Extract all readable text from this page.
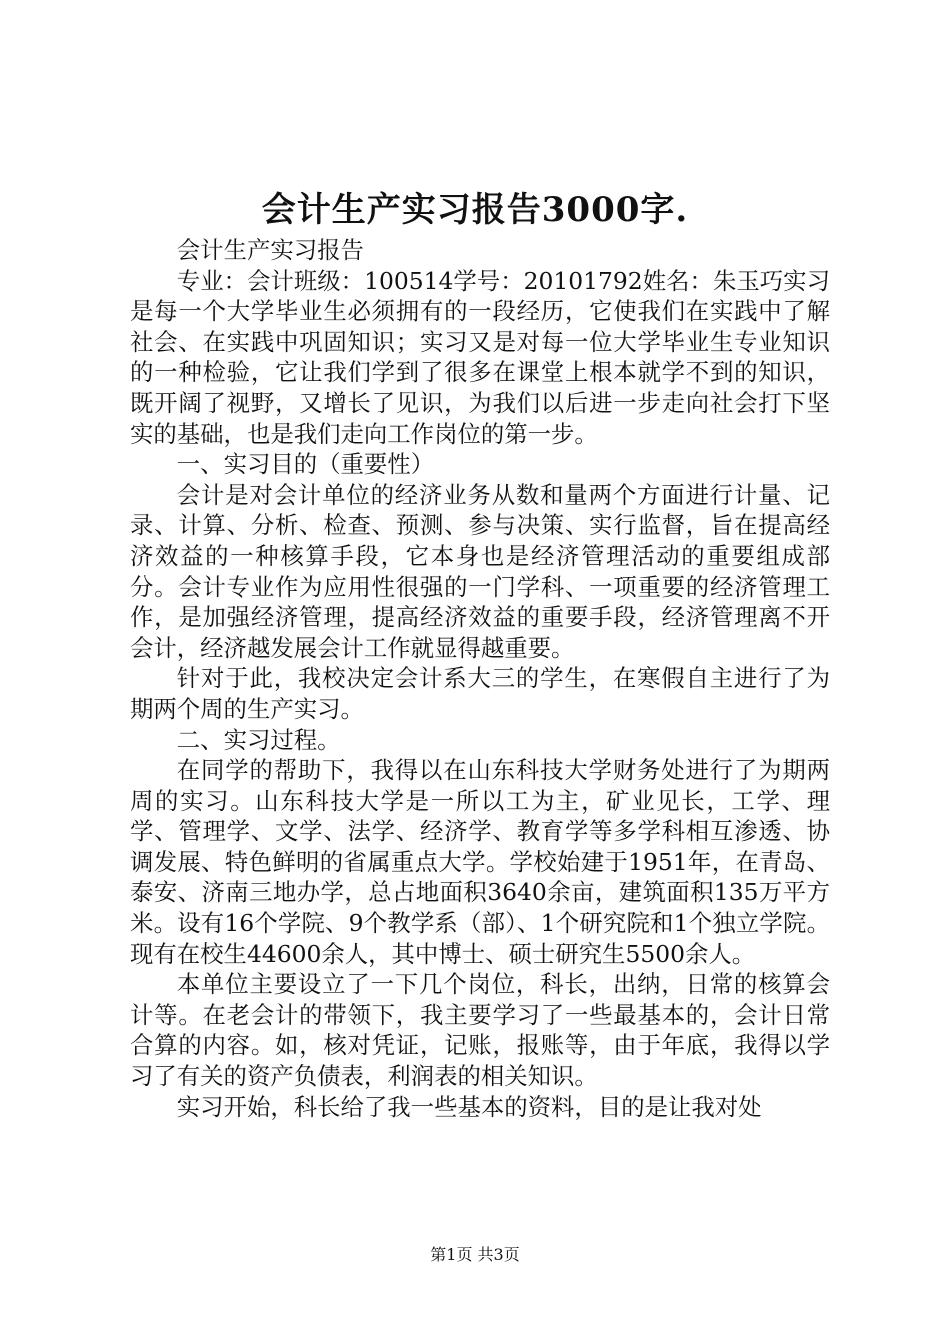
会计生产实习报告3000字.

会计生产实习报告

专业：会计班级：100514学号：20101792姓名：朱玉巧实习是每一个大学毕业生必须拥有的一段经历，它使我们在实践中了解社会、在实践中巩固知识；实习又是对每一位大学毕业生专业知识的一种检验，它让我们学到了很多在课堂上根本就学不到的知识，既开阔了视野，又增长了见识，为我们以后进一步走向社会打下坚实的基础，也是我们走向工作岗位的第一步。

一、实习目的（重要性）

会计是对会计单位的经济业务从数和量两个方面进行计量、记录、计算、分析、检查、预测、参与决策、实行监督，旨在提高经济效益的一种核算手段，它本身也是经济管理活动的重要组成部分。会计专业作为应用性很强的一门学科、一项重要的经济管理工作，是加强经济管理，提高经济效益的重要手段，经济管理离不开会计，经济越发展会计工作就显得越重要。

针对于此，我校决定会计系大三的学生，在寒假自主进行了为期两个周的生产实习。

二、实习过程。

在同学的帮助下，我得以在山东科技大学财务处进行了为期两周的实习。山东科技大学是一所以工为主，矿业见长，工学、理学、管理学、文学、法学、经济学、教育学等多学科相互渗透、协调发展、特色鲜明的省属重点大学。学校始建于1951年，在青岛、泰安、济南三地办学，总占地面积3640余亩，建筑面积135万平方米。设有16个学院、9个教学系（部）、1个研究院和1个独立学院。现有在校生44600余人，其中博士、硕士研究生5500余人。

本单位主要设立了一下几个岗位，科长，出纳，日常的核算会计等。在老会计的带领下，我主要学习了一些最基本的，会计日常合算的内容。如，核对凭证，记账，报账等，由于年底，我得以学习了有关的资产负债表，利润表的相关知识。

实习开始，科长给了我一些基本的资料，目的是让我对处

第1页 共3页
